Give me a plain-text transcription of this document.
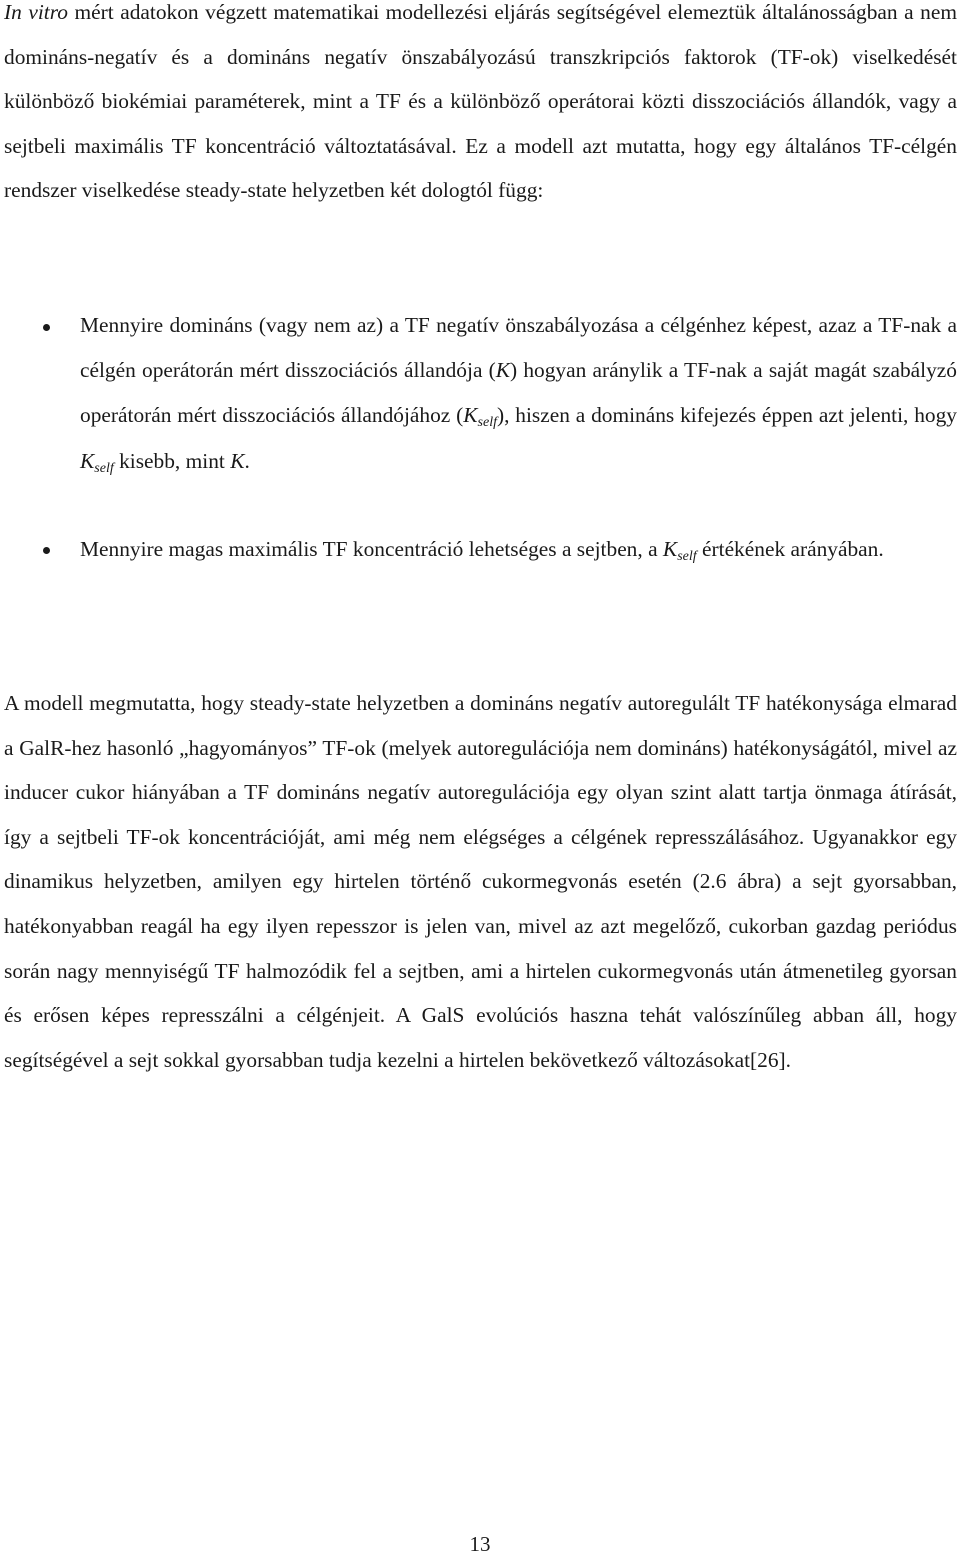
In vitro mért adatokon végzett matematikai modellezési eljárás segítségével elemeztük általánosságban a nem domináns-negatív és a domináns negatív önszabályozású transzkripciós faktorok (TF-ok) viselkedését különböző biokémiai paraméterek, mint a TF és a különböző operátorai közti disszociációs állandók, vagy a sejtbeli maximális TF koncentráció változtatásával. Ez a modell azt mutatta, hogy egy általános TF-célgén rendszer viselkedése steady-state helyzetben két dologtól függ:

Mennyire domináns (vagy nem az) a TF negatív önszabályozása a célgénhez képest, azaz a TF-nak a célgén operátorán mért disszociációs állandója (K) hogyan aránylik a TF-nak a saját magát szabályzó operátorán mért disszociációs állandójához $(K_{self})$, hiszen a domináns kifejezés éppen azt jelenti, hogy $K_{self}$ kisebb, mint K.
Mennyire magas maximális TF koncentráció lehetséges a sejtben, a $K_{self}$ értékének arányában.

A modell megmutatta, hogy steady-state helyzetben a domináns negatív autoregulált TF hatékonysága elmarad a GalR-hez hasonló „hagyományos” TF-ok (melyek autoregulációja nem domináns) hatékonyságától, mivel az inducer cukor hiányában a TF domináns negatív autoregulációja egy olyan szint alatt tartja önmaga átírását, így a sejtbeli TF-ok koncentrációját, ami még nem elégséges a célgének represszálásához. Ugyanakkor egy dinamikus helyzetben, amilyen egy hirtelen történő cukormegvonás esetén (2.6 ábra) a sejt gyorsabban, hatékonyabban reagál ha egy ilyen repesszor is jelen van, mivel az azt megelőző, cukorban gazdag periódus során nagy mennyiségű TF halmozódik fel a sejtben, ami a hirtelen cukormegvonás után átmenetileg gyorsan és erősen képes represszálni a célgénjeit. A GalS evolúciós haszna tehát valószínűleg abban áll, hogy segítségével a sejt sokkal gyorsabban tudja kezelni a hirtelen bekövetkező változásokat[26].

13
